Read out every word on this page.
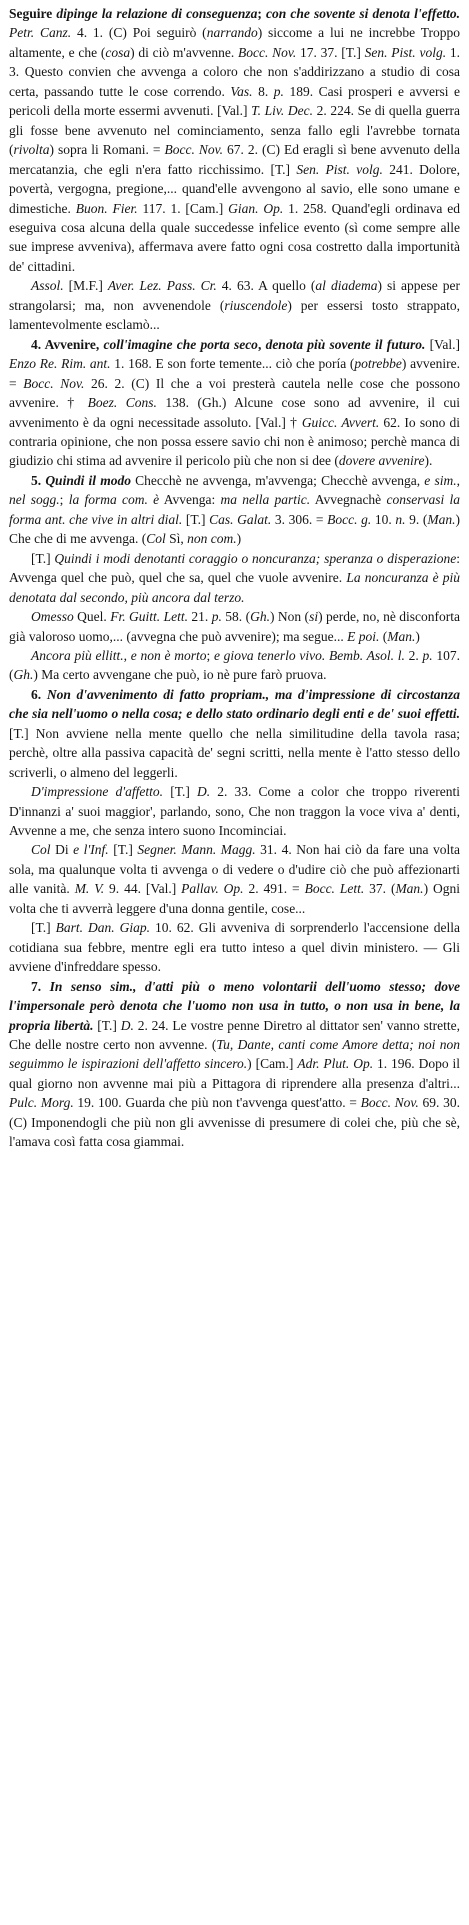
Seguire dipinge la relazione di conseguenza; con che sovente si denota l'effetto. Petr. Canz. 4. 1. (C) Poi seguirò (narrando) siccome a lui ne increbbe Troppo altamente, e che (cosa) di ciò m'avvenne. Bocc. Nov. 17. 37. [T.] Sen. Pist. volg. 1. 3. Questo convien che avvenga a coloro che non s'addirizzano a studio di cosa certa, passando tutte le cose correndo. Vas. 8. p. 189. Casi prosperi e avversi e pericoli della morte essermi avvenuti. [Val.] T. Liv. Dec. 2. 224. Se di quella guerra gli fosse bene avvenuto nel cominciamento, senza fallo egli l'avrebbe tornata (rivolta) sopra li Romani. = Bocc. Nov. 67. 2. (C) Ed eragli sì bene avvenuto della mercatanzia, che egli n'era fatto ricchissimo. [T.] Sen. Pist. volg. 241. Dolore, povertà, vergogna, pregione,... quand'elle avvengono al savio, elle sono umane e dimestiche. Buon. Fier. 117. 1. [Cam.] Gian. Op. 1. 258. Quand'egli ordinava ed eseguiva cosa alcuna della quale succedesse infelice evento (sì come sempre alle sue imprese avveniva), affermava avere fatto ogni cosa costretto dalla importunità de' cittadini.

Assol. [M.F.] Aver. Lez. Pass. Cr. 4. 63. A quello (al diadema) si appese per strangolarsi; ma, non avvenendole (riuscendole) per essersi tosto strappato, lamentevolmente esclamò...

4. Avvenire, coll'imagine che porta seco, denota più sovente il futuro. [Val.] Enzo Re. Rim. ant. 1. 168. E son forte temente... ciò che poría (potrebbe) avvenire. = Bocc. Nov. 26. 2. (C) Il che a voi presterà cautela nelle cose che possono avvenire. † Boez. Cons. 138. (Gh.) Alcune cose sono ad avvenire, il cui avvenimento è da ogni necessitade assoluto. [Val.] † Guicc. Avvert. 62. Io sono di contraria opinione, che non possa essere savio chi non è animoso; perchè manca di giudizio chi stima ad avvenire il pericolo più che non si dee (dovere avvenire).

5. Quindi il modo Checchè ne avvenga, m'avvenga; Checchè avvenga, e sim., nel sogg.; la forma com. è Avvenga: ma nella partic. Avvegnachè conservasi la forma ant. che vive in altri dial. [T.] Cas. Galat. 3. 306. = Bocc. g. 10. n. 9. (Man.) Che che di me avvenga. (Col Sì, non com.)

[T.] Quindi i modi denotanti coraggio o noncuranza; speranza o disperazione: Avvenga quel che può, quel che sa, quel che vuole avvenire. La noncuranza è più denotata dal secondo, più ancora dal terzo.

Omesso Quel. Fr. Guitt. Lett. 21. p. 58. (Gh.) Non (si) perde, no, nè disconforta già valoroso uomo,... (avvegna che può avvenire); ma segue... E poi. (Man.)

Ancora più ellitt., e non è morto; e giova tenerlo vivo. Bemb. Asol. l. 2. p. 107. (Gh.) Ma certo avvengane che può, io nè pure farò pruova.

6. Non d'avvenimento di fatto propriam., ma d'impressione di circostanza che sia nell'uomo o nella cosa; e dello stato ordinario degli enti e de' suoi effetti. [T.] Non avviene nella mente quello che nella similitudine della tavola rasa; perchè, oltre alla passiva capacità de' segni scritti, nella mente è l'atto stesso dello scriverli, o almeno del leggerli.

D'impressione d'affetto. [T.] D. 2. 33. Come a color che troppo riverenti D'innanzi a' suoi maggior', parlando, sono, Che non traggon la voce viva a' denti, Avvenne a me, che senza intero suono Incominciai.

Col Di e l'Inf. [T.] Segner. Mann. Magg. 31. 4. Non hai ciò da fare una volta sola, ma qualunque volta ti avvenga o di vedere o d'udire ciò che può affezionarti alle vanità. M. V. 9. 44. [Val.] Pallav. Op. 2. 491. = Bocc. Lett. 37. (Man.) Ogni volta che ti avverrà leggere d'una donna gentile, cose...

[T.] Bart. Dan. Giap. 10. 62. Gli avveniva di sorprenderlo l'accensione della cotidiana sua febbre, mentre egli era tutto inteso a quel divin ministero. — Gli avviene d'infreddare spesso.

7. In senso sim., d'atti più o meno volontarii dell'uomo stesso; dove l'impersonale però denota che l'uomo non usa in tutto, o non usa in bene, la propria libertà. [T.] D. 2. 24. Le vostre penne Diretro al dittator sen' vanno strette, Che delle nostre certo non avvenne. (Tu, Dante, canti come Amore detta; noi non seguimmo le ispirazioni dell'affetto sincero.) [Cam.] Adr. Plut. Op. 1. 196. Dopo il qual giorno non avvenne mai più a Pittagora di riprendere alla presenza d'altri... Pulc. Morg. 19. 100. Guarda che più non t'avvenga quest'atto. = Bocc. Nov. 69. 30. (C) Imponendogli che più non gli avvenisse di presumere di colei che, più che sè, l'amava così fatta cosa giammai.
